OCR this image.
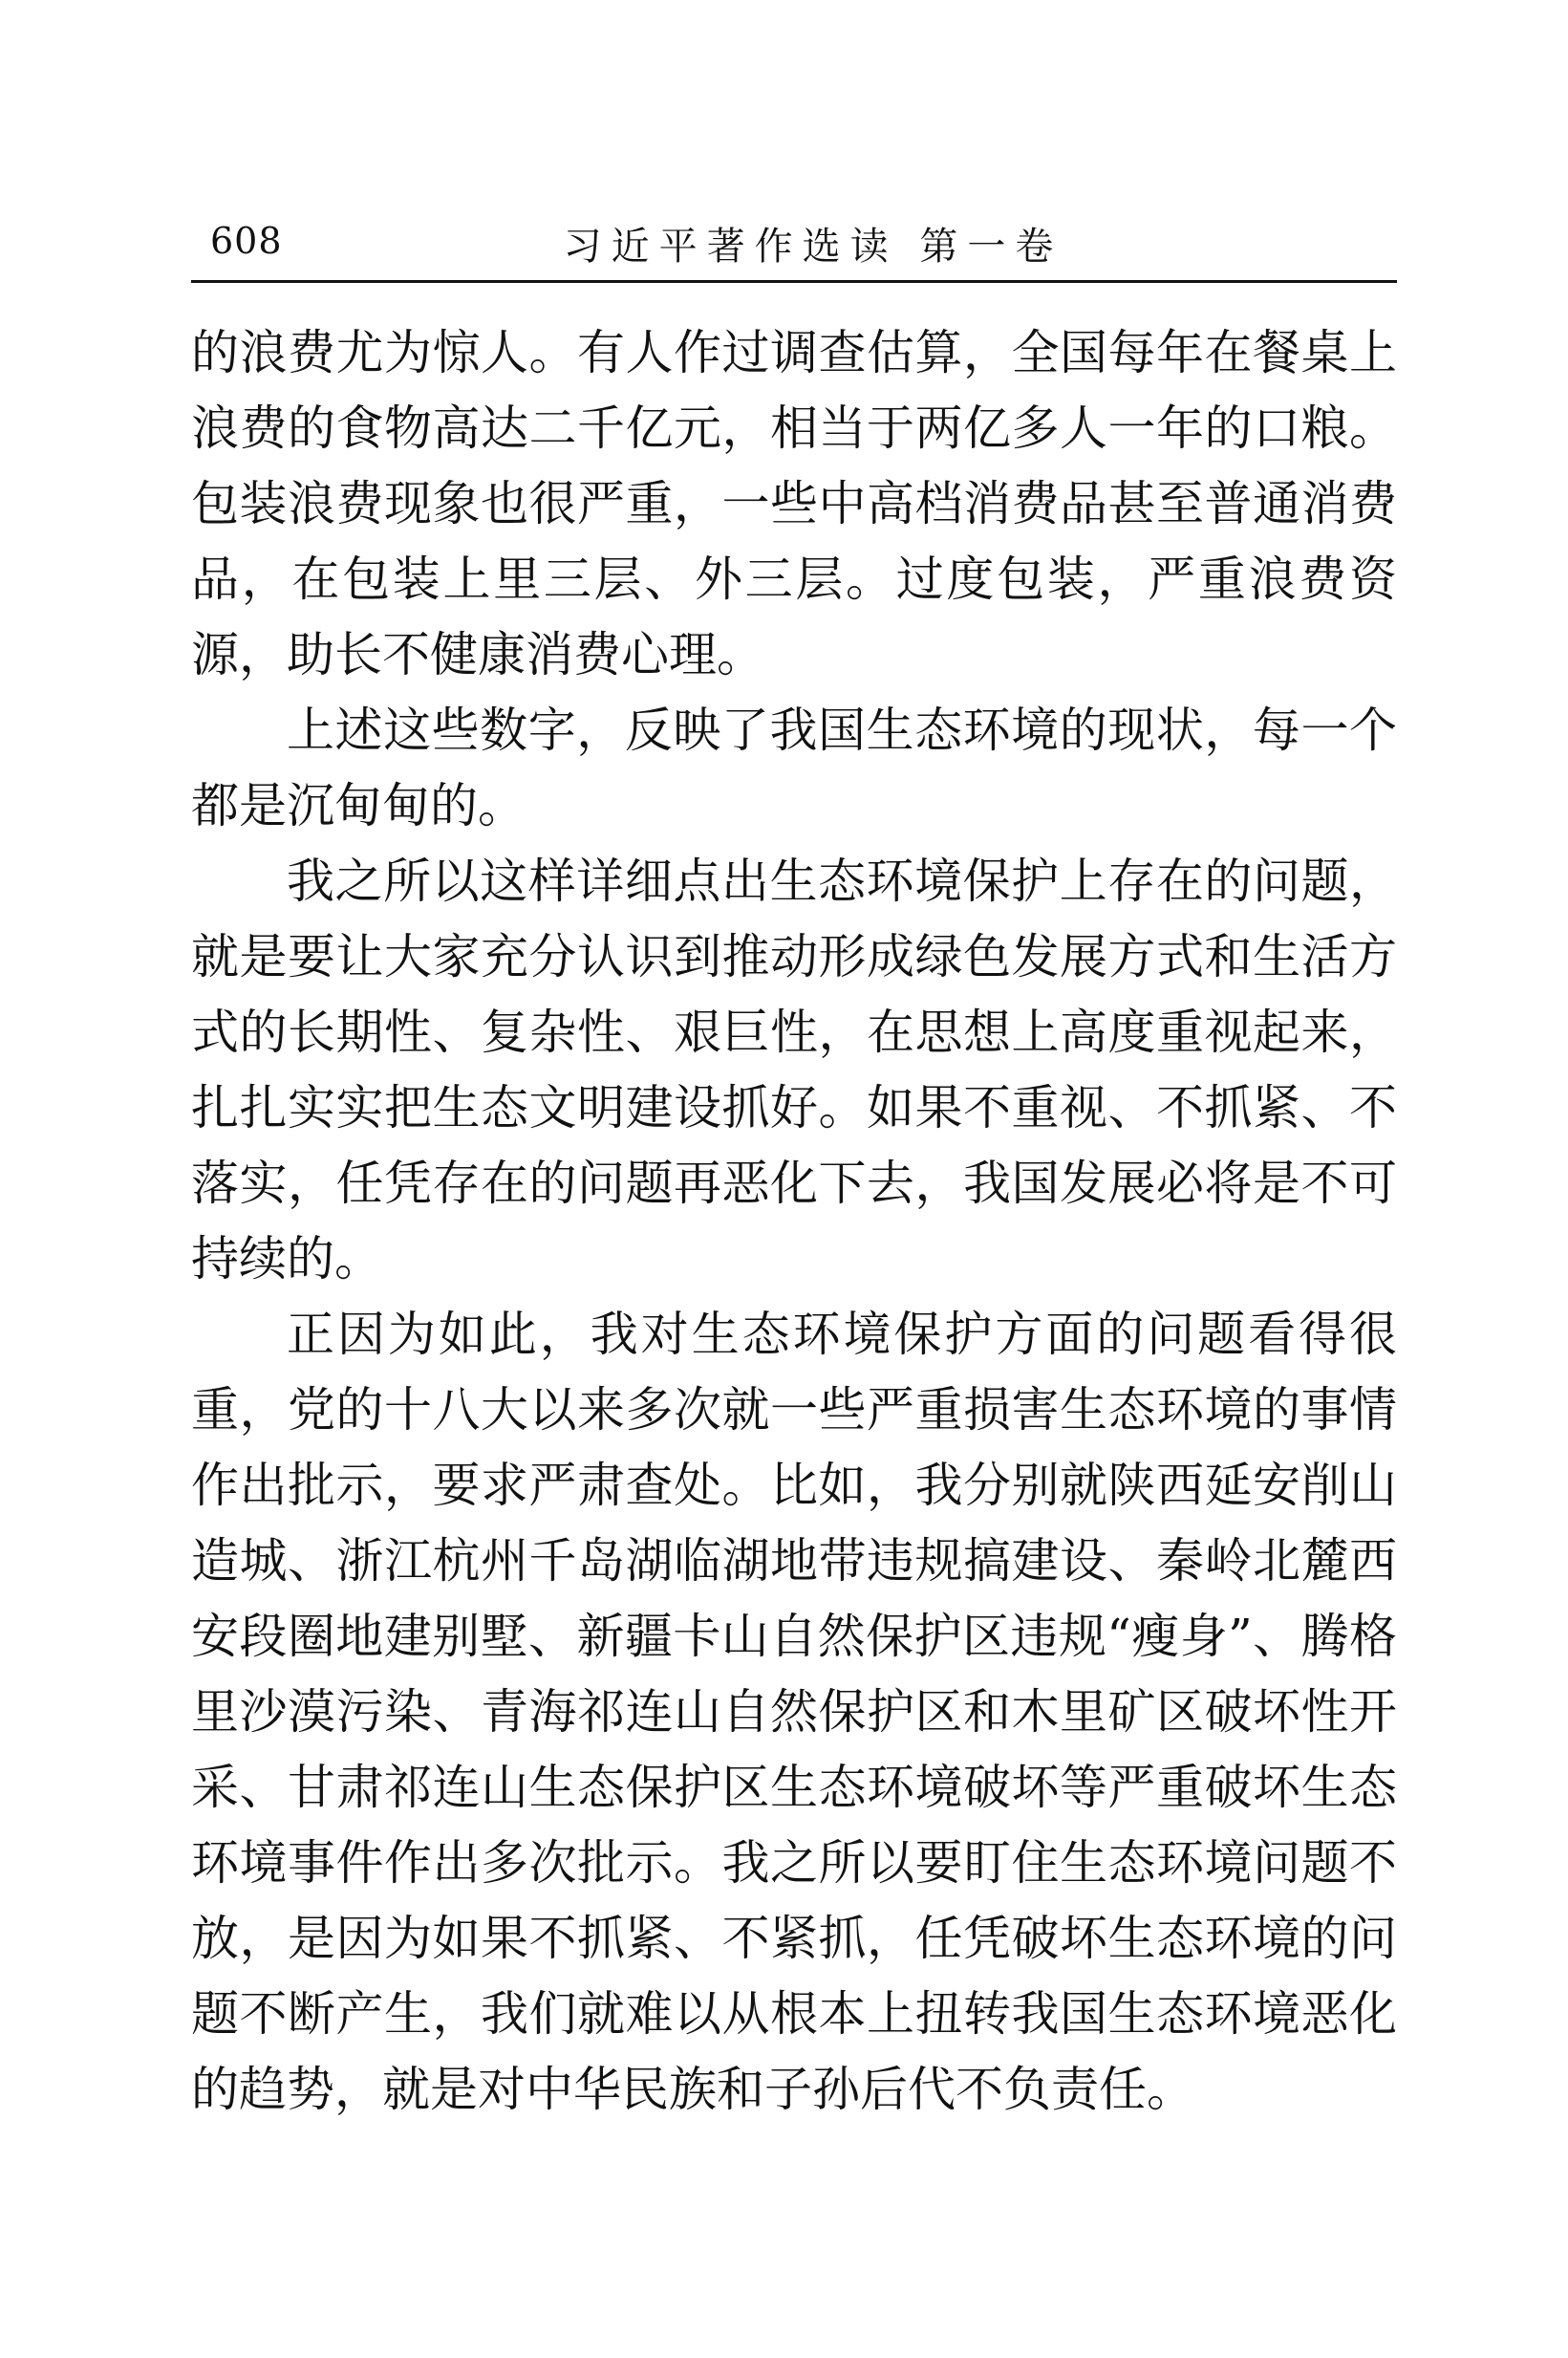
608	习近平著作选读 第一卷

的浪费尤为惊人。有人作过调查估算，全国每年在餐桌上浪费的食物高达二千亿元，相当于两亿多人一年的口粮。包装浪费现象也很严重，一些中高档消费品甚至普通消费品，在包装上里三层、外三层。过度包装，严重浪费资源，助长不健康消费心理。

上述这些数字，反映了我国生态环境的现状，每一个都是沉甸甸的。

我之所以这样详细点出生态环境保护上存在的问题，就是要让大家充分认识到推动形成绿色发展方式和生活方式的长期性、复杂性、艰巨性，在思想上高度重视起来，扎扎实实把生态文明建设抓好。如果不重视、不抓紧、不落实，任凭存在的问题再恶化下去，我国发展必将是不可持续的。

正因为如此，我对生态环境保护方面的问题看得很重，党的十八大以来多次就一些严重损害生态环境的事情作出批示，要求严肃查处。比如，我分别就陕西延安削山造城、浙江杭州千岛湖临湖地带违规搞建设、秦岭北麓西安段圈地建别墅、新疆卡山自然保护区违规“瘦身”、腾格里沙漠污染、青海祁连山自然保护区和木里矿区破坏性开采、甘肃祁连山生态保护区生态环境破坏等严重破坏生态环境事件作出多次批示。我之所以要盯住生态环境问题不放，是因为如果不抓紧、不紧抓，任凭破坏生态环境的问题不断产生，我们就难以从根本上扭转我国生态环境恶化的趋势，就是对中华民族和子孙后代不负责任。
